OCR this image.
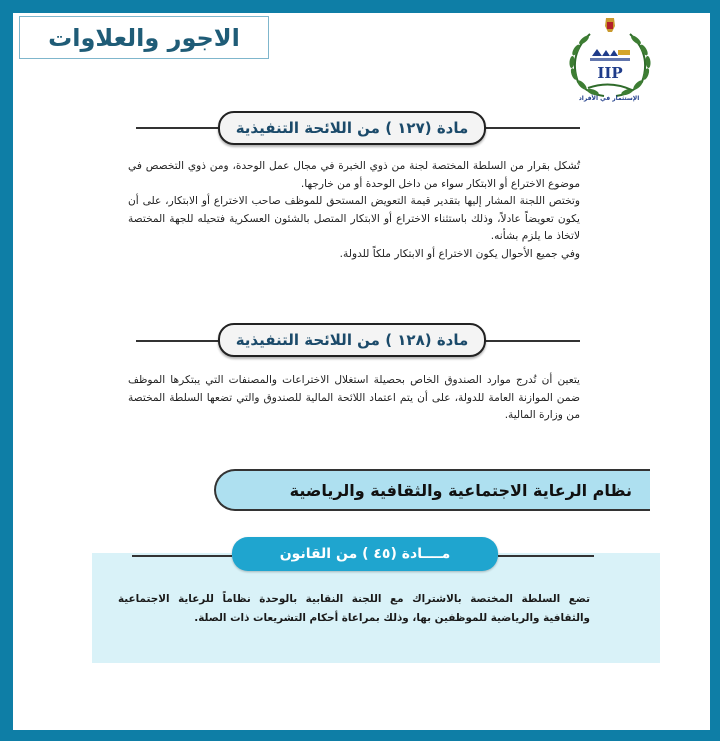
الاجور والعلاوات
IIP
الإستثمار في الأفراد
مادة (١٢٧ ) من اللائحة التنفيذية

تُشكل بقرار من السلطة المختصة لجنة من ذوي الخبرة في مجال عمل الوحدة، ومن ذوي التخصص في موضوع الاختراع أو الابتكار سواء من داخل الوحدة أو من خارجها.

وتختص اللجنة المشار إليها بتقدير قيمة التعويض المستحق للموظف صاحب الاختراع أو الابتكار، على أن يكون تعويضاً عادلاً، وذلك باستثناء الاختراع أو الابتكار المتصل بالشئون العسكرية فتحيله للجهة المختصة لاتخاذ ما يلزم بشأنه.

وفي جميع الأحوال يكون الاختراع أو الابتكار ملكاً للدولة.

مادة (١٢٨ ) من اللائحة التنفيذية

يتعين أن تُدرج موارد الصندوق الخاص بحصيلة استغلال الاختراعات والمصنفات التي يبتكرها الموظف ضمن الموازنة العامة للدولة، على أن يتم اعتماد اللائحة المالية للصندوق والتي تضعها السلطة المختصة من وزارة المالية.

نظام الرعاية الاجتماعية والثقافية والرياضية
مــــادة (٤٥ ) من القانون

تضع السلطة المختصة بالاشتراك مع اللجنة النقابية بالوحدة نظاماً للرعاية الاجتماعية والثقافية والرياضية للموظفين بها، وذلك بمراعاة أحكام التشريعات ذات الصلة.
